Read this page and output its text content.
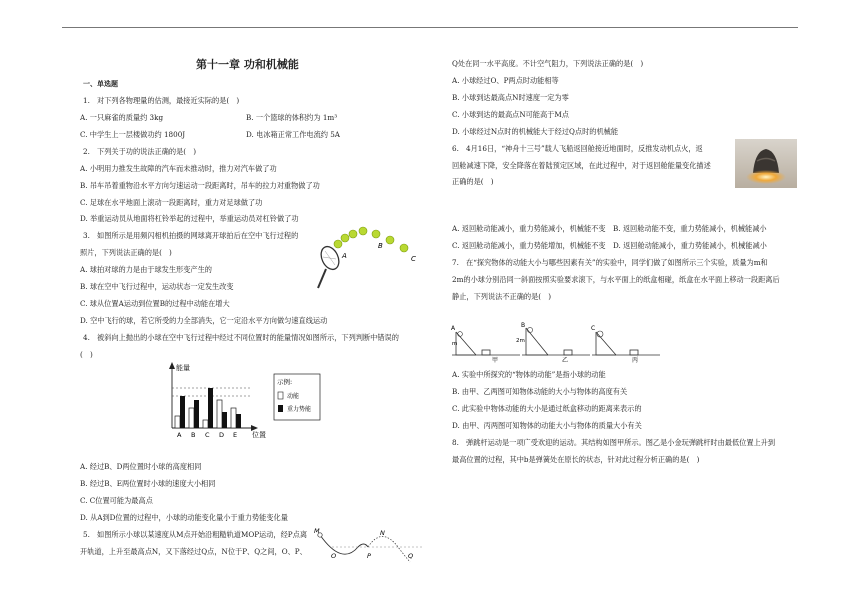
第十一章 功和机械能
一、单选题
1.　对下列各物理量的估测，最接近实际的是(　)
A. 一只麻雀的质量约 3kg	B. 一个篮球的体积约为 1m³
C. 中学生上一层楼做功约 1800J	D. 电冰箱正常工作电流约 5A
2.　下列关于功的说法正确的是(　)
A. 小明用力推发生故障的汽车而未推动时，推力对汽车做了功
B. 吊车吊着重物沿水平方向匀速运动一段距离时，吊车的拉力对重物做了功
C. 足球在水平地面上滚动一段距离时，重力对足球做了功
D. 举重运动员从地面将杠铃举起的过程中，举重运动员对杠铃做了功
3.　如图所示是用频闪相机拍摄的网球离开球拍后在空中飞行过程的
照片，下列说法正确的是(　)
A. 球拍对球的力是由于球发生形变产生的
B. 球在空中飞行过程中，运动状态一定发生改变
C. 球从位置A运动到位置B的过程中动能在增大
D. 空中飞行的球，若它所受的力全部消失，它一定沿水平方向做匀速直线运动
A
B
C
4.　被斜向上抛出的小球在空中飞行过程中经过不同位置时的能量情况如图所示，下列判断中错误的
(　)
能量
A B C D E 位置
示例:
动能
重力势能
A. 经过B、D两位置时小球的高度相同
B. 经过B、E两位置时小球的速度大小相同
C. C位置可能为最高点
D. 从A到D位置的过程中，小球的动能变化量小于重力势能变化量
5.　如图所示小球以某速度从M点开始沿粗糙轨道MOP运动，经P点离
开轨道，上升至最高点N，又下落经过Q点，N位于P、Q之间，O、P、
M	N
O	P	Q
Q处在同一水平高度。不计空气阻力，下列说法正确的是(　)
A. 小球经过O、P两点时动能相等
B. 小球到达最高点N时速度一定为零
C. 小球到达的最高点N可能高于M点
D. 小球经过N点时的机械能大于经过Q点时的机械能
6.　4月16日，“神舟十三号”载人飞船返回舱接近地面时，反推发动机点火，返
回舱减速下降，安全降落在着陆预定区域，在此过程中，对于返回舱能量变化描述
正确的是(　)
A. 返回舱动能减小，重力势能减小，机械能不变 B. 返回舱动能不变，重力势能减小，机械能减小
C. 返回舱动能减小，重力势能增加，机械能不变 D. 返回舱动能减小，重力势能减小，机械能减小
7.　在“探究物体的动能大小与哪些因素有关”的实验中，同学们做了如图所示三个实验，质量为m和
2m的小球分别沿同一斜面按照实验要求滚下，与水平面上的纸盒相碰，纸盒在水平面上移动一段距离后
静止，下列说法不正确的是(　)
A	B	C
2m
m
甲	乙	丙
A. 实验中所探究的“物体的动能”是指小球的动能
B. 由甲、乙两图可知物体动能的大小与物体的高度有关
C. 此实验中物体动能的大小是通过纸盒移动的距离来表示的
D. 由甲、丙两图可知物体的动能大小与物体的质量大小有关
8.　弹跳杆运动是一项广受欢迎的运动。其结构如图甲所示。图乙是小金玩弹跳杆时由最低位置上升到
最高位置的过程，其中b是弹簧处在原长的状态，针对此过程分析正确的是(　)
